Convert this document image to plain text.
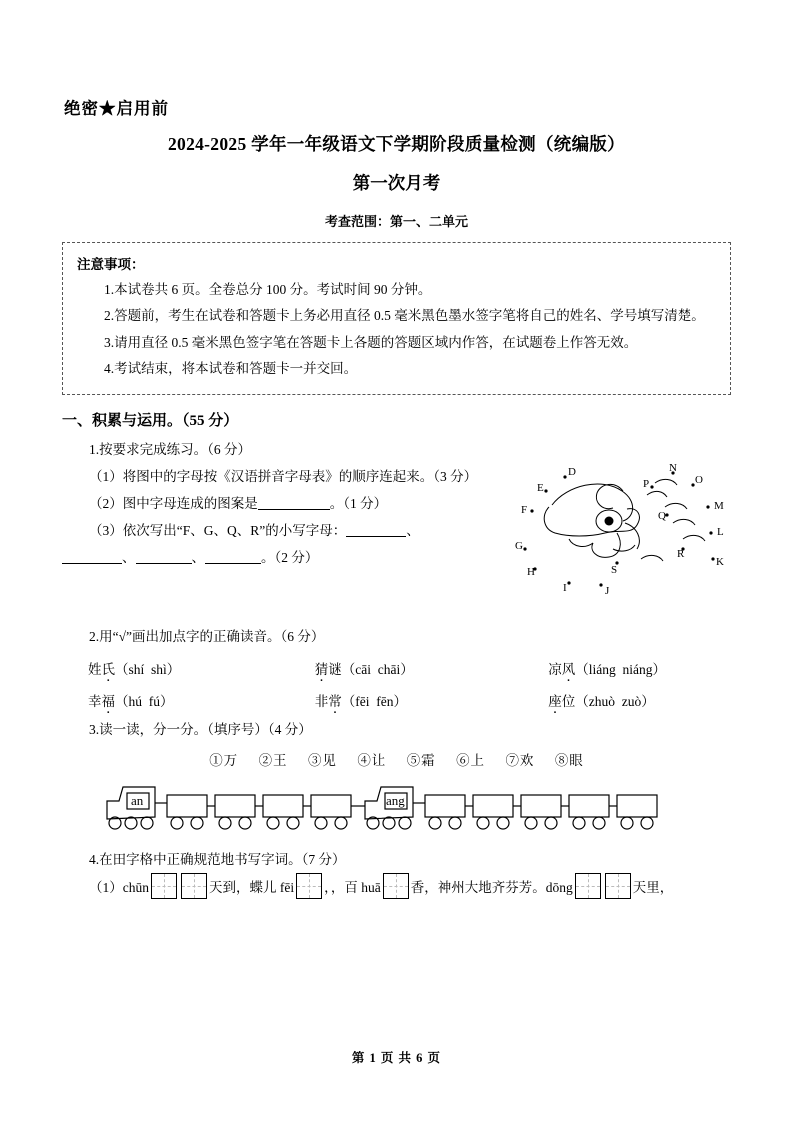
绝密★启用前
2024-2025 学年一年级语文下学期阶段质量检测（统编版）
第一次月考
考查范围：第一、二单元
注意事项：

1.本试卷共 6 页。全卷总分 100 分。考试时间 90 分钟。

2.答题前，考生在试卷和答题卡上务必用直径 0.5 毫米黑色墨水签字笔将自己的姓名、学号填写清楚。

3.请用直径 0.5 毫米黑色签字笔在答题卡上各题的答题区域内作答，在试题卷上作答无效。

4.考试结束，将本试卷和答题卡一并交回。

一、积累与运用。（55 分）

1.按要求完成练习。（6 分）

（1）将图中的字母按《汉语拼音字母表》的顺序连起来。（3 分）

（2）图中字母连成的图案是	。（1 分）

（3）依次写出“F、G、Q、R”的小写字母：	、

、	、	。（2 分）

D
E
F
G
H
I	J
K
L
M
N
O
P
Q
R
S

2.用“√”画出加点字的正确读音。（6 分）

姓氏（shí  shì）	猜谜（cāi  chāi）	凉风（liáng  niáng）
幸福（hú  fú）	非常（fēi  fēn）	座位（zhuò  zuò）

3.读一读，分一分。（填序号）（4 分）

①万 ②王 ③见 ④让 ⑤霜 ⑥上 ⑦欢 ⑧眼
an	ang

4.在田字格中正确规范地书写字词。（7 分）

（1）chūn	天到，蝶儿 fēi ，，百 huā 香，神州大地齐芬芳。dōng	天里，
第 1 页 共 6 页
